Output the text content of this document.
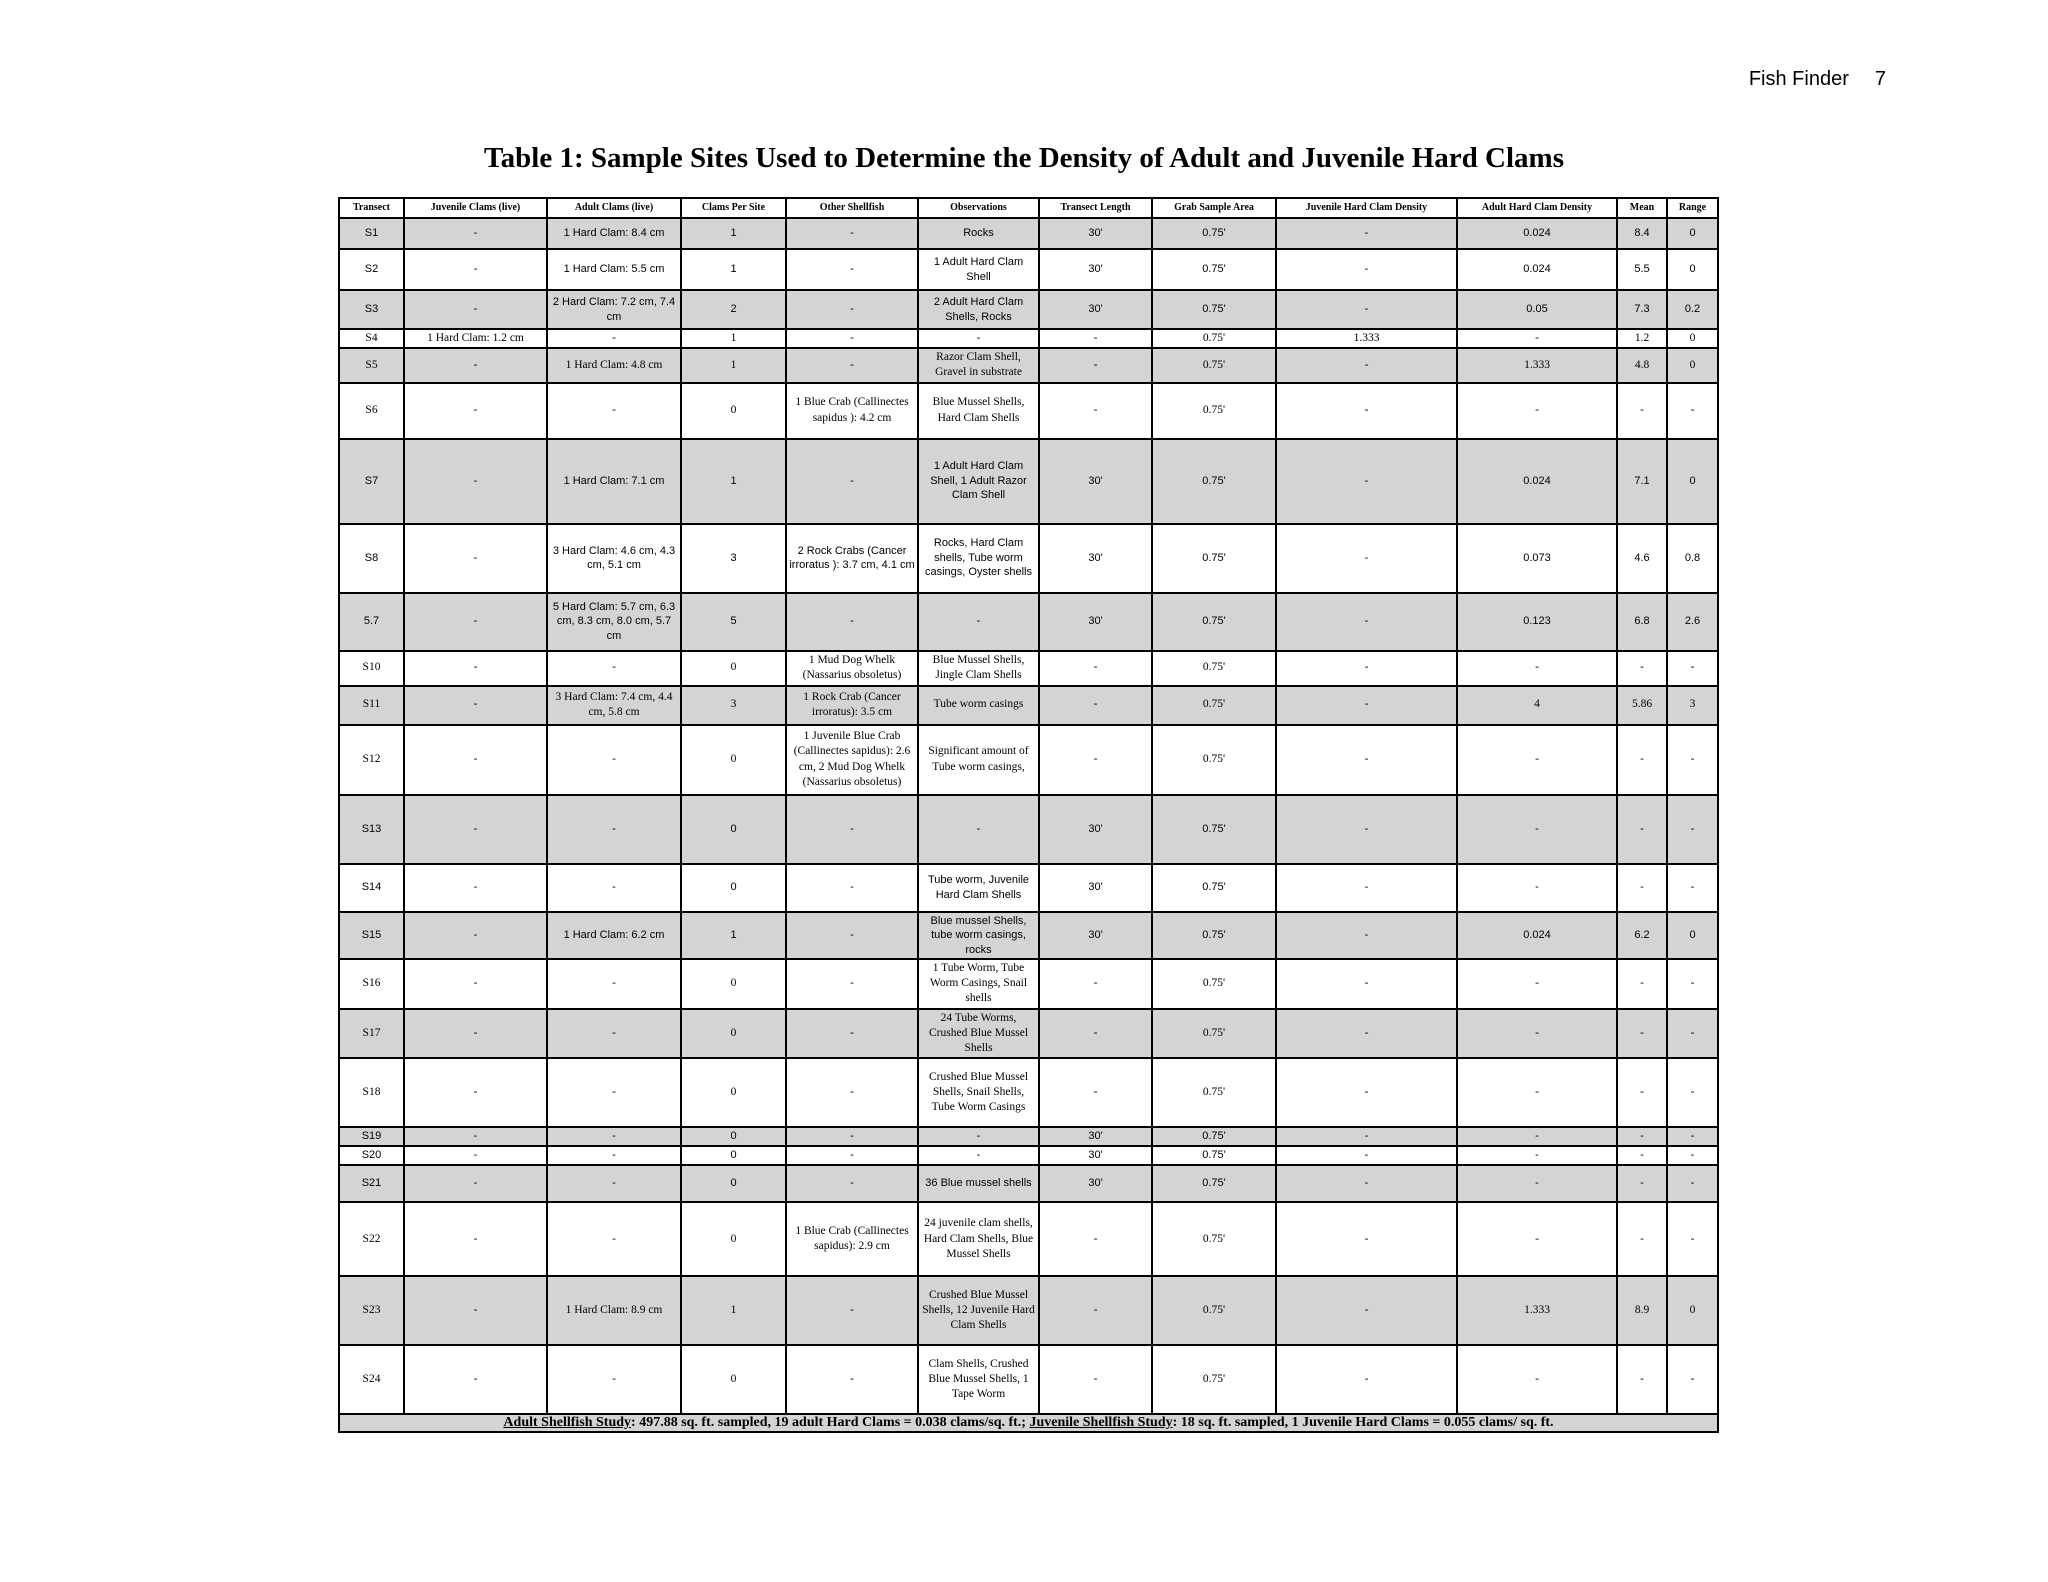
Fish Finder 7
Table 1: Sample Sites Used to Determine the Density of Adult and Juvenile Hard Clams
Transect	Juvenile Clams (live)	Adult Clams (live)	Clams Per Site	Other Shellfish	Observations	Transect Length	Grab Sample Area	Juvenile Hard Clam Density	Adult Hard Clam Density	Mean	Range
S1	-	1 Hard Clam: 8.4 cm	1	-	Rocks	30'	0.75'	-	0.024	8.4	0
S2	-	1 Hard Clam: 5.5 cm	1	-	1 Adult Hard Clam Shell	30'	0.75'	-	0.024	5.5	0
S3	-	2 Hard Clam: 7.2 cm, 7.4 cm	2	-	2 Adult Hard Clam Shells, Rocks	30'	0.75'	-	0.05	7.3	0.2
S4	1 Hard Clam: 1.2 cm	-	1	-	-	-	0.75'	1.333	-	1.2	0
S5	-	1 Hard Clam: 4.8 cm	1	-	Razor Clam Shell, Gravel in substrate	-	0.75'	-	1.333	4.8	0
S6	-	-	0	1 Blue Crab (Callinectes sapidus ): 4.2 cm	Blue Mussel Shells, Hard Clam Shells	-	0.75'	-	-	-	-
S7	-	1 Hard Clam: 7.1 cm	1	-	1 Adult Hard Clam Shell, 1 Adult Razor Clam Shell	30'	0.75'	-	0.024	7.1	0
S8	-	3 Hard Clam: 4.6 cm, 4.3 cm, 5.1 cm	3	2 Rock Crabs (Cancer irroratus ): 3.7 cm, 4.1 cm	Rocks, Hard Clam shells, Tube worm casings, Oyster shells	30'	0.75'	-	0.073	4.6	0.8
5.7	-	5 Hard Clam: 5.7 cm, 6.3 cm, 8.3 cm, 8.0 cm, 5.7 cm	5	-	-	30'	0.75'	-	0.123	6.8	2.6
S10	-	-	0	1 Mud Dog Whelk (Nassarius obsoletus)	Blue Mussel Shells, Jingle Clam Shells	-	0.75'	-	-	-	-
S11	-	3 Hard Clam: 7.4 cm, 4.4 cm, 5.8 cm	3	1 Rock Crab (Cancer irroratus): 3.5 cm	Tube worm casings	-	0.75'	-	4	5.86	3
S12	-	-	0	1 Juvenile Blue Crab (Callinectes sapidus): 2.6 cm, 2 Mud Dog Whelk (Nassarius obsoletus)	Significant amount of Tube worm casings,	-	0.75'	-	-	-	-
S13	-	-	0	-	-	30'	0.75'	-	-	-	-
S14	-	-	0	-	Tube worm, Juvenile Hard Clam Shells	30'	0.75'	-	-	-	-
S15	-	1 Hard Clam: 6.2 cm	1	-	Blue mussel Shells, tube worm casings, rocks	30'	0.75'	-	0.024	6.2	0
S16	-	-	0	-	1 Tube Worm, Tube Worm Casings, Snail shells	-	0.75'	-	-	-	-
S17	-	-	0	-	24 Tube Worms, Crushed Blue Mussel Shells	-	0.75'	-	-	-	-
S18	-	-	0	-	Crushed Blue Mussel Shells, Snail Shells, Tube Worm Casings	-	0.75'	-	-	-	-
S19	-	-	0	-	-	30'	0.75'	-	-	-	-
S20	-	-	0	-	-	30'	0.75'	-	-	-	-
S21	-	-	0	-	36 Blue mussel shells	30'	0.75'	-	-	-	-
S22	-	-	0	1 Blue Crab (Callinectes sapidus): 2.9 cm	24 juvenile clam shells, Hard Clam Shells, Blue Mussel Shells	-	0.75'	-	-	-	-
S23	-	1 Hard Clam: 8.9 cm	1	-	Crushed Blue Mussel Shells, 12 Juvenile Hard Clam Shells	-	0.75'	-	1.333	8.9	0
S24	-	-	0	-	Clam Shells, Crushed Blue Mussel Shells, 1 Tape Worm	-	0.75'	-	-	-	-
Adult Shellfish Study: 497.88 sq. ft. sampled, 19 adult Hard Clams = 0.038 clams/sq. ft.; Juvenile Shellfish Study: 18 sq. ft. sampled, 1 Juvenile Hard Clams = 0.055 clams/ sq. ft.											
